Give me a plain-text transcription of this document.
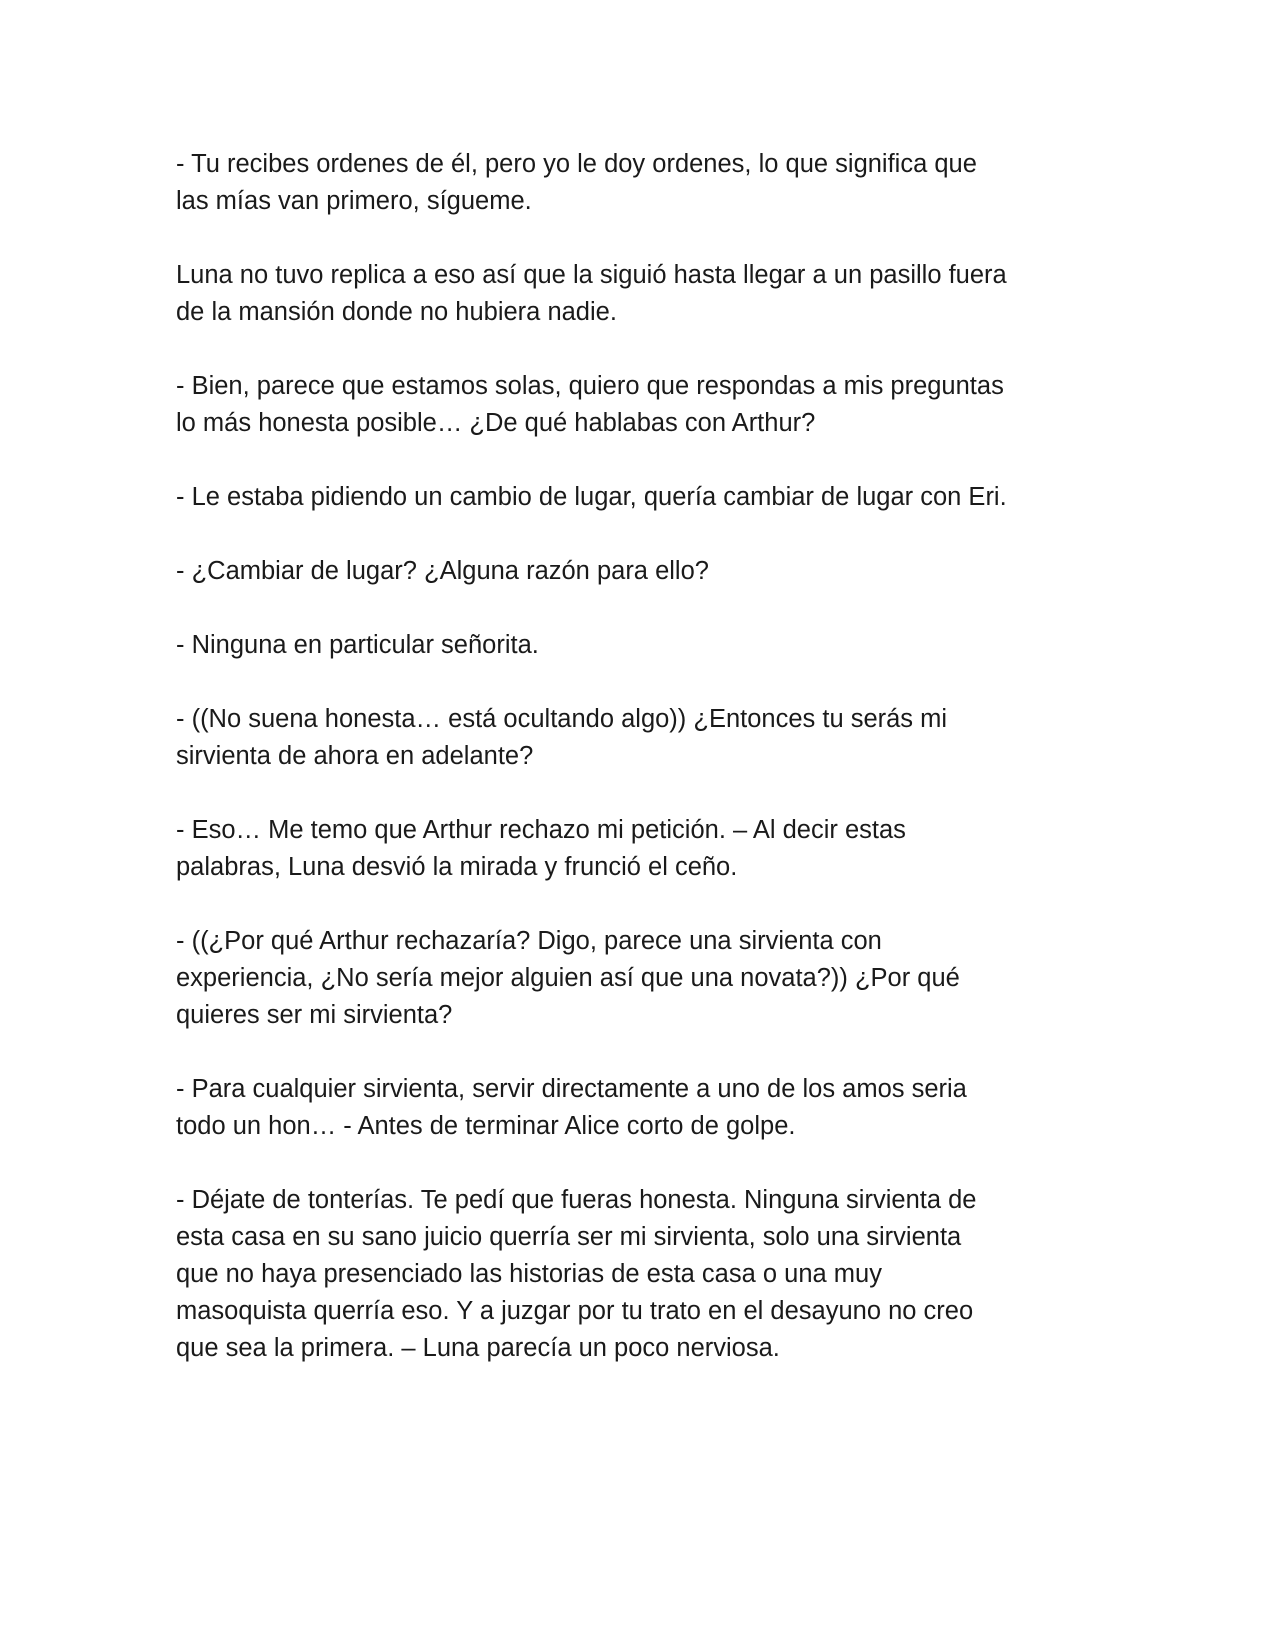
- Tu recibes ordenes de él, pero yo le doy ordenes, lo que significa que
las mías van primero, sígueme.

Luna no tuvo replica a eso así que la siguió hasta llegar a un pasillo fuera
de la mansión donde no hubiera nadie.

- Bien, parece que estamos solas, quiero que respondas a mis preguntas
lo más honesta posible… ¿De qué hablabas con Arthur?

- Le estaba pidiendo un cambio de lugar, quería cambiar de lugar con Eri.

- ¿Cambiar de lugar? ¿Alguna razón para ello?

- Ninguna en particular señorita.

- ((No suena honesta… está ocultando algo)) ¿Entonces tu serás mi
sirvienta de ahora en adelante?

- Eso… Me temo que Arthur rechazo mi petición. – Al decir estas
palabras, Luna desvió la mirada y frunció el ceño.

- ((¿Por qué Arthur rechazaría? Digo, parece una sirvienta con
experiencia, ¿No sería mejor alguien así que una novata?)) ¿Por qué
quieres ser mi sirvienta?

- Para cualquier sirvienta, servir directamente a uno de los amos seria
todo un hon… - Antes de terminar Alice corto de golpe.

- Déjate de tonterías. Te pedí que fueras honesta. Ninguna sirvienta de
esta casa en su sano juicio querría ser mi sirvienta, solo una sirvienta
que no haya presenciado las historias de esta casa o una muy
masoquista querría eso. Y a juzgar por tu trato en el desayuno no creo
que sea la primera. – Luna parecía un poco nerviosa.
